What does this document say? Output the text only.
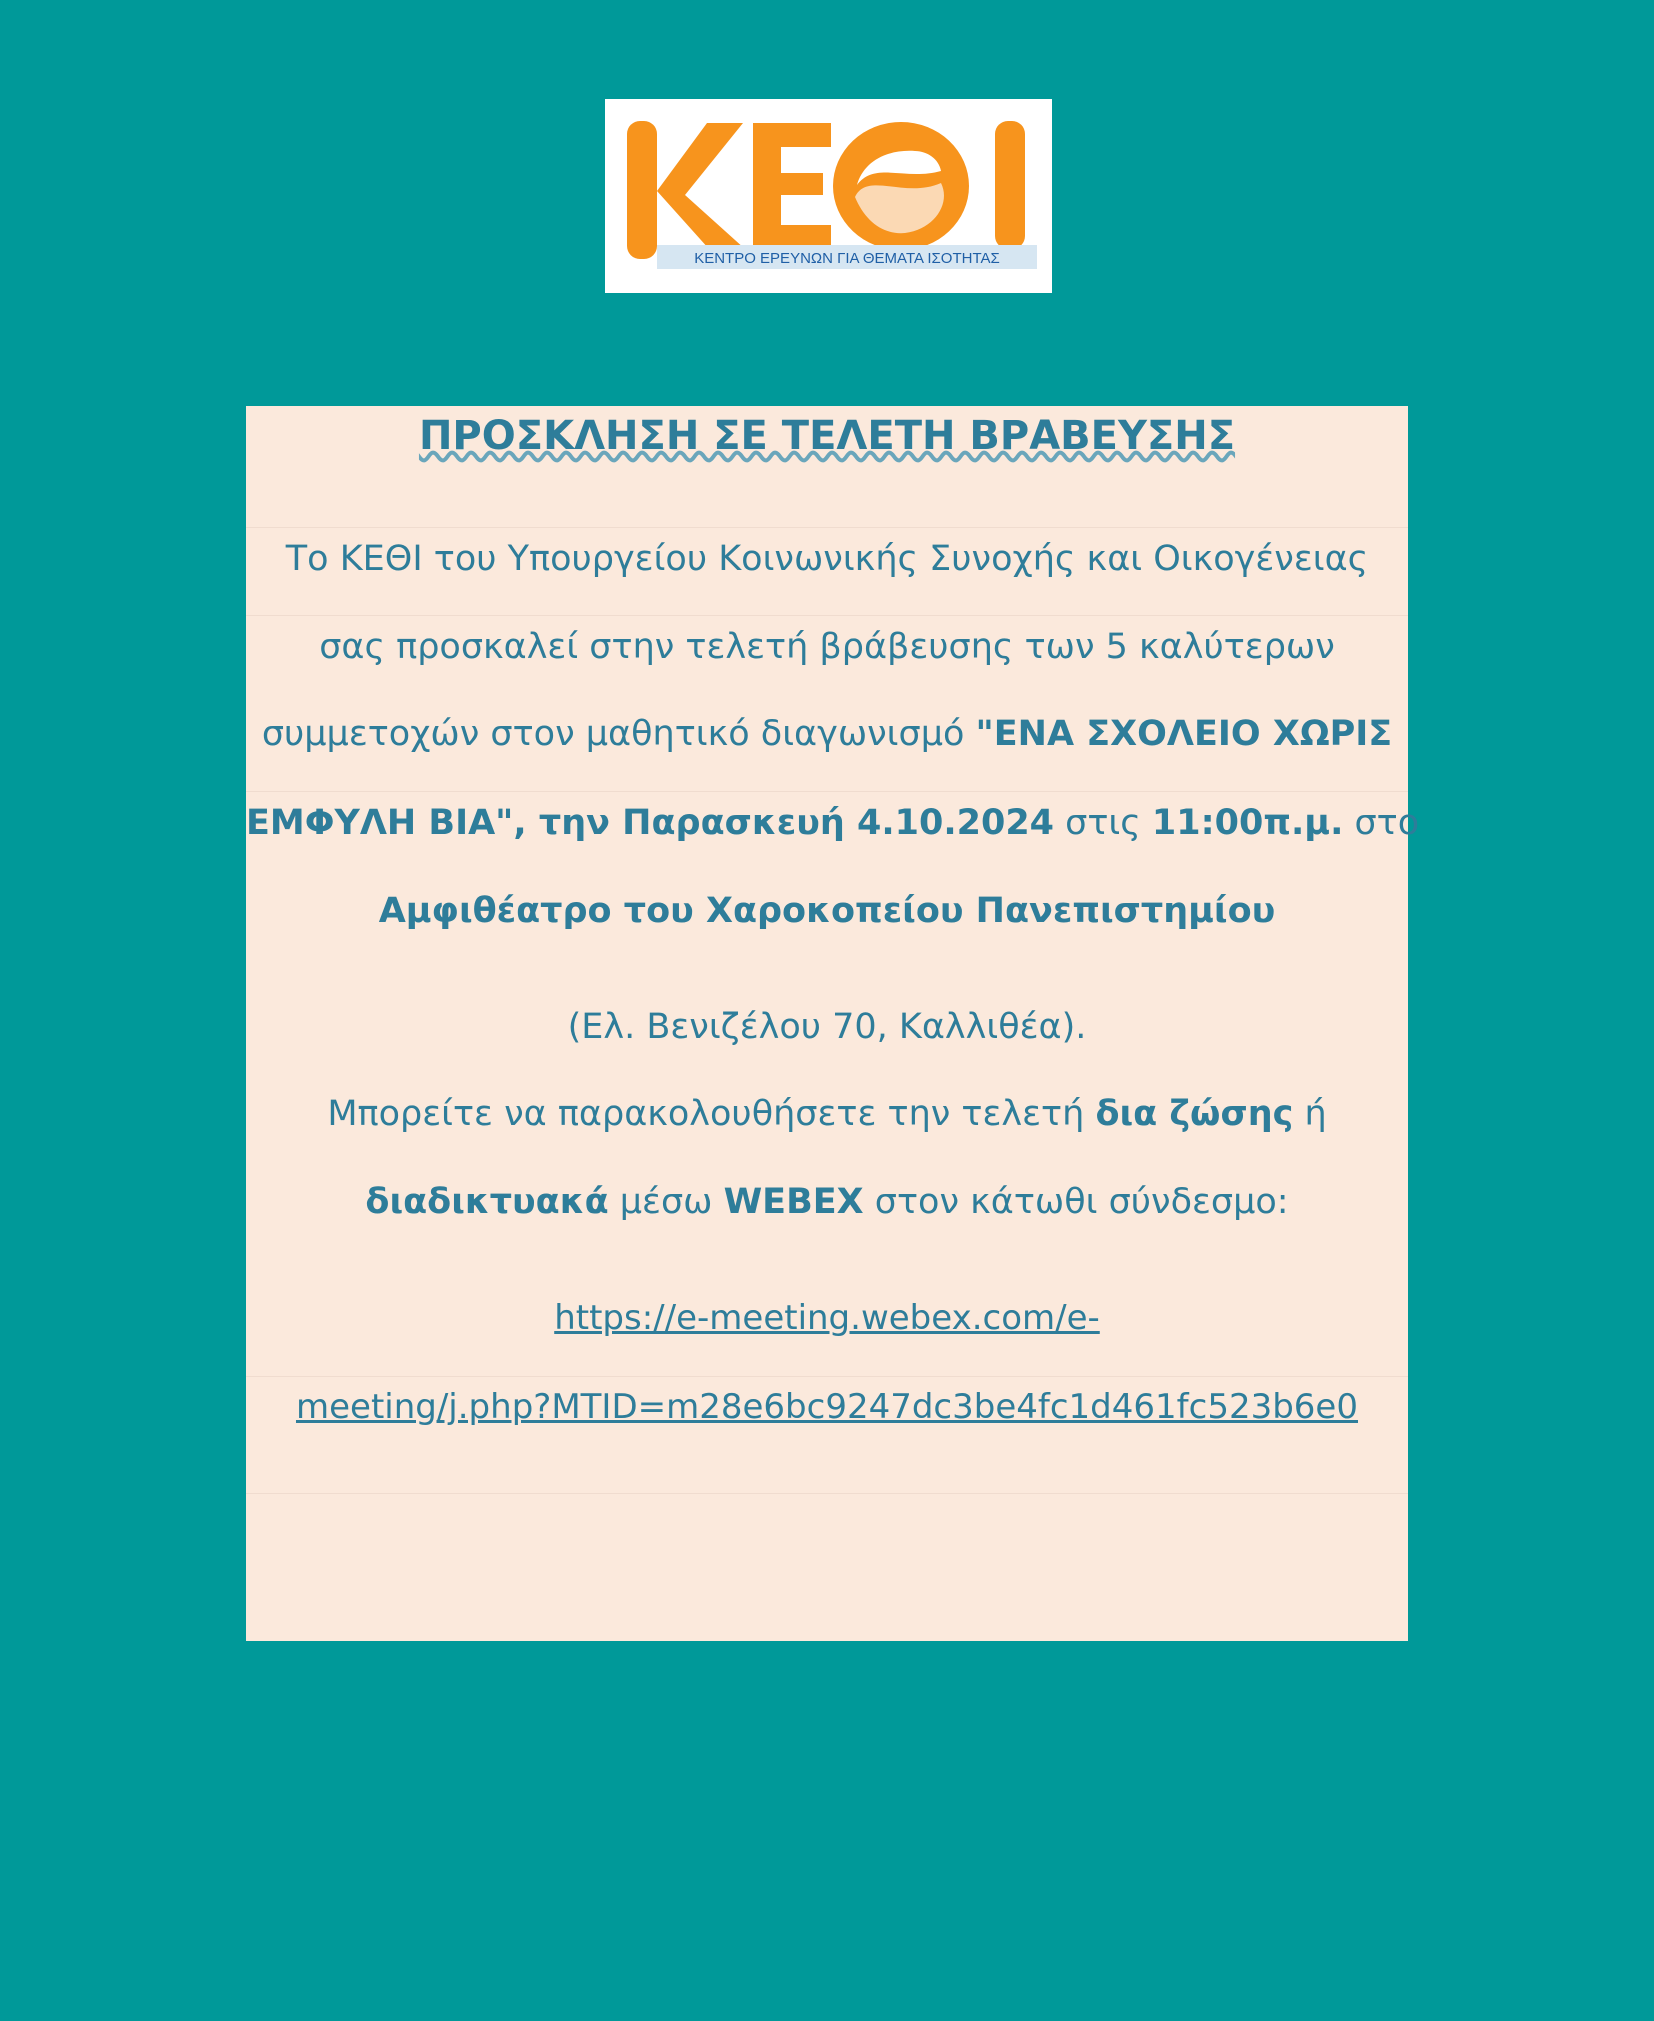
ΚΕΝΤΡΟ ΕΡΕΥΝΩΝ ΓΙΑ ΘΕΜΑΤΑ ΙΣΟΤΗΤΑΣ
ΠΡΟΣΚΛΗΣΗ ΣΕ ΤΕΛΕΤΗ ΒΡΑΒΕΥΣΗΣ
Το ΚΕΘΙ του Υπουργείου Κοινωνικής Συνοχής και Οικογένειας
σας προσκαλεί στην τελετή βράβευσης των 5 καλύτερων
συμμετοχών στον μαθητικό διαγωνισμό "ΕΝΑ ΣΧΟΛΕΙΟ ΧΩΡΙΣ
ΕΜΦΥΛΗ ΒΙΑ", την Παρασκευή 4.10.2024 στις 11:00π.μ. στο
Αμφιθέατρο του Χαροκοπείου Πανεπιστημίου
(Ελ. Βενιζέλου 70, Καλλιθέα).
Μπορείτε να παρακολουθήσετε την τελετή δια ζώσης ή
διαδικτυακά μέσω WEBEX στον κάτωθι σύνδεσμο:
https://e-meeting.webex.com/e-
meeting/j.php?MTID=m28e6bc9247dc3be4fc1d461fc523b6e0
